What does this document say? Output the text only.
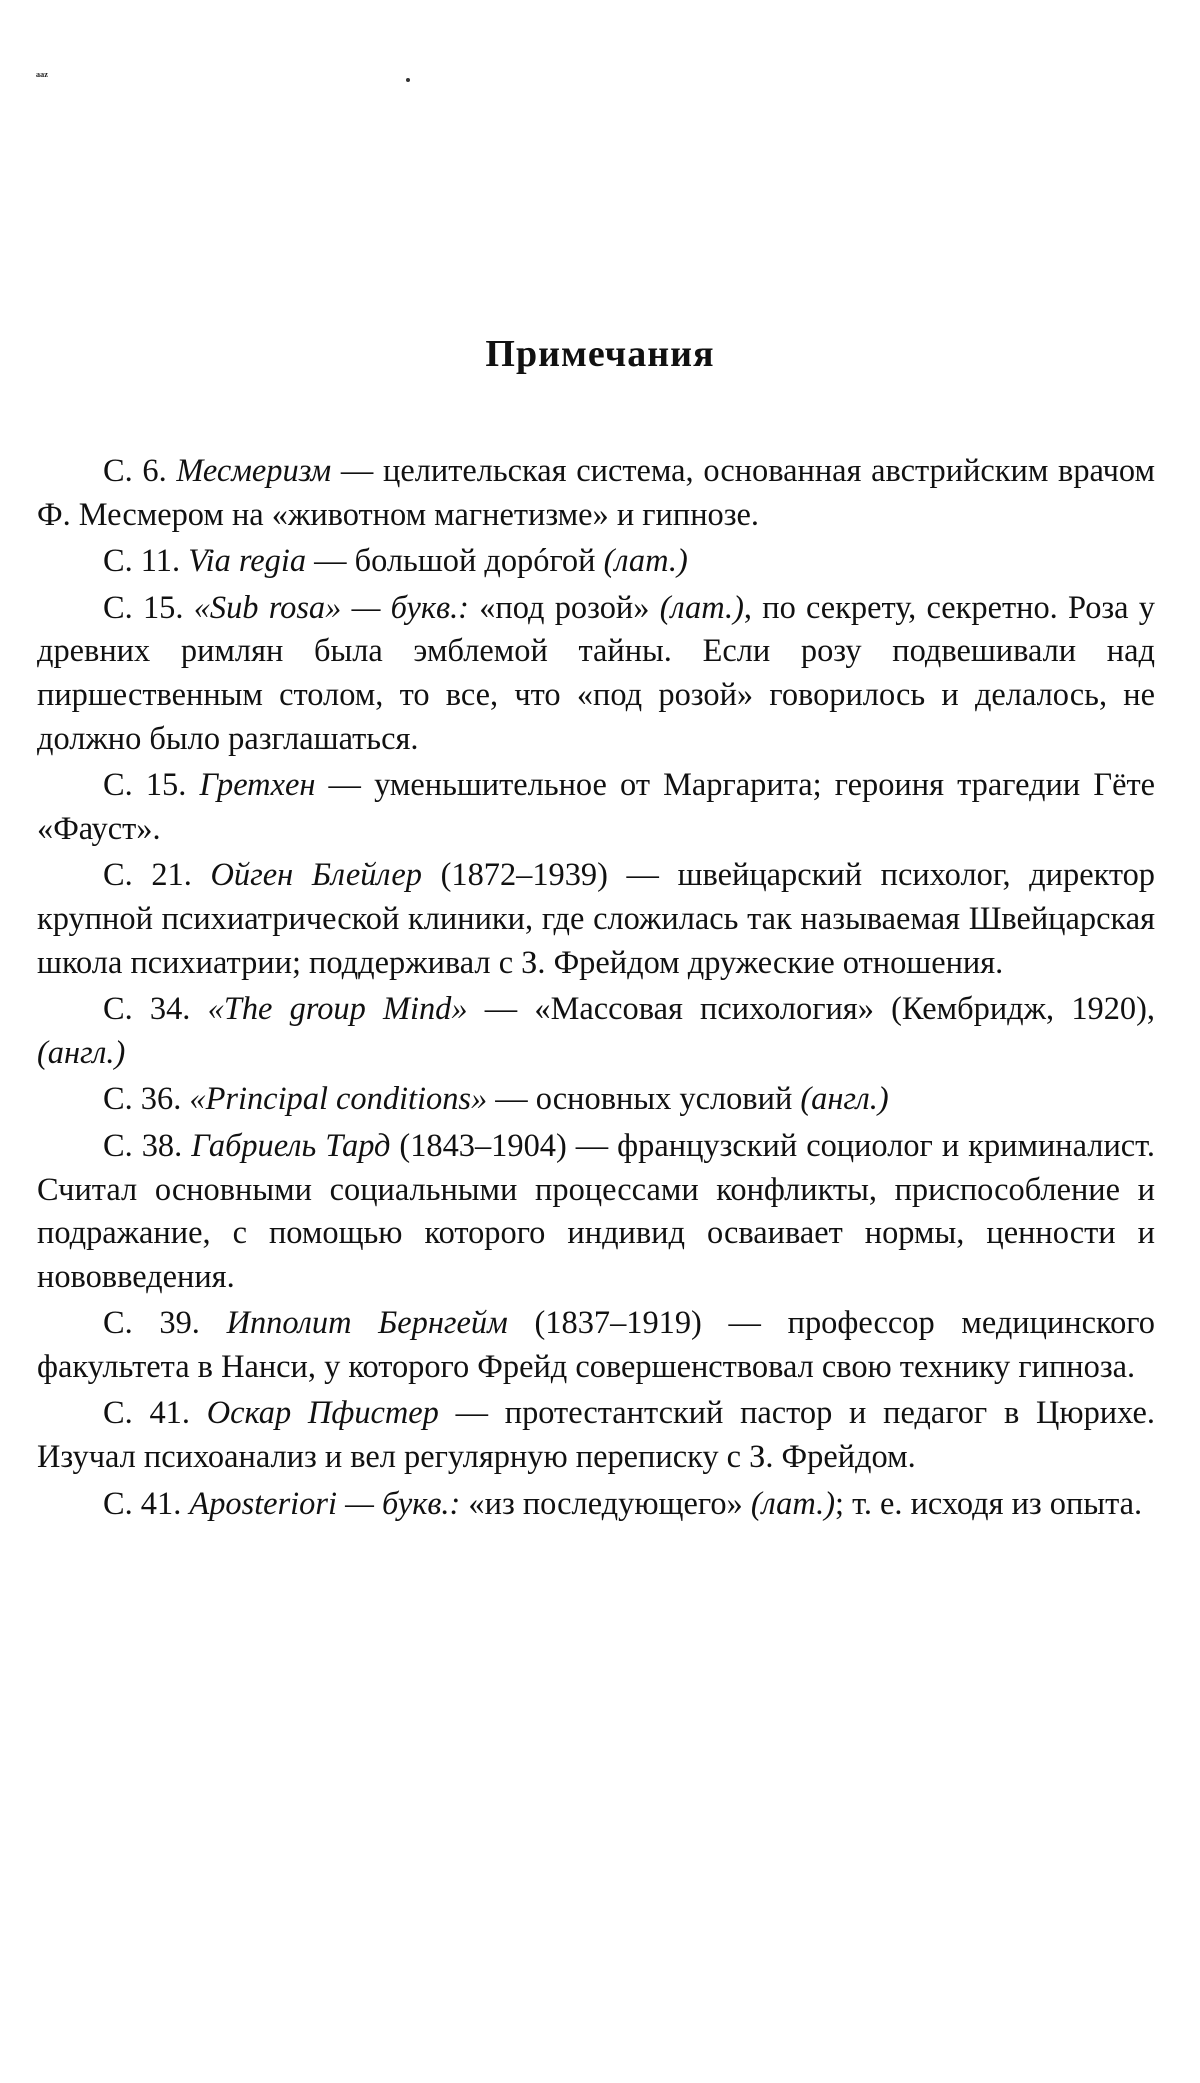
ᵃᵃᶻ
Примечания

С. 6. Месмеризм — целительская система, основанная австрийским врачом Ф. Месмером на «животном магнетизме» и гипнозе.

С. 11. Via regia — большой дорóгой (лат.)

С. 15. «Sub rosa» — букв.: «под розой» (лат.), по секрету, секретно. Роза у древних римлян была эмблемой тайны. Если розу подвешивали над пиршественным столом, то все, что «под розой» говорилось и делалось, не должно было разглашаться.

С. 15. Гретхен — уменьшительное от Маргарита; героиня трагедии Гёте «Фауст».

С. 21. Ойген Блейлер (1872–1939) — швейцарский психолог, директор крупной психиатрической клиники, где сложилась так называемая Швейцарская школа психиатрии; поддерживал с З. Фрейдом дружеские отношения.

С. 34. «The group Mind» — «Массовая психология» (Кембридж, 1920), (англ.)

С. 36. «Principal conditions» — основных условий (англ.)

С. 38. Габриель Тард (1843–1904) — французский социолог и криминалист. Считал основными социальными процессами конфликты, приспособление и подражание, с помощью которого индивид осваивает нормы, ценности и нововведения.

С. 39. Ипполит Бернгейм (1837–1919) — профессор медицинского факультета в Нанси, у которого Фрейд совершенствовал свою технику гипноза.

С. 41. Оскар Пфистер — протестантский пастор и педагог в Цюрихе. Изучал психоанализ и вел регулярную переписку с З. Фрейдом.

С. 41. Aposteriori — букв.: «из последующего» (лат.); т. е. исходя из опыта.
